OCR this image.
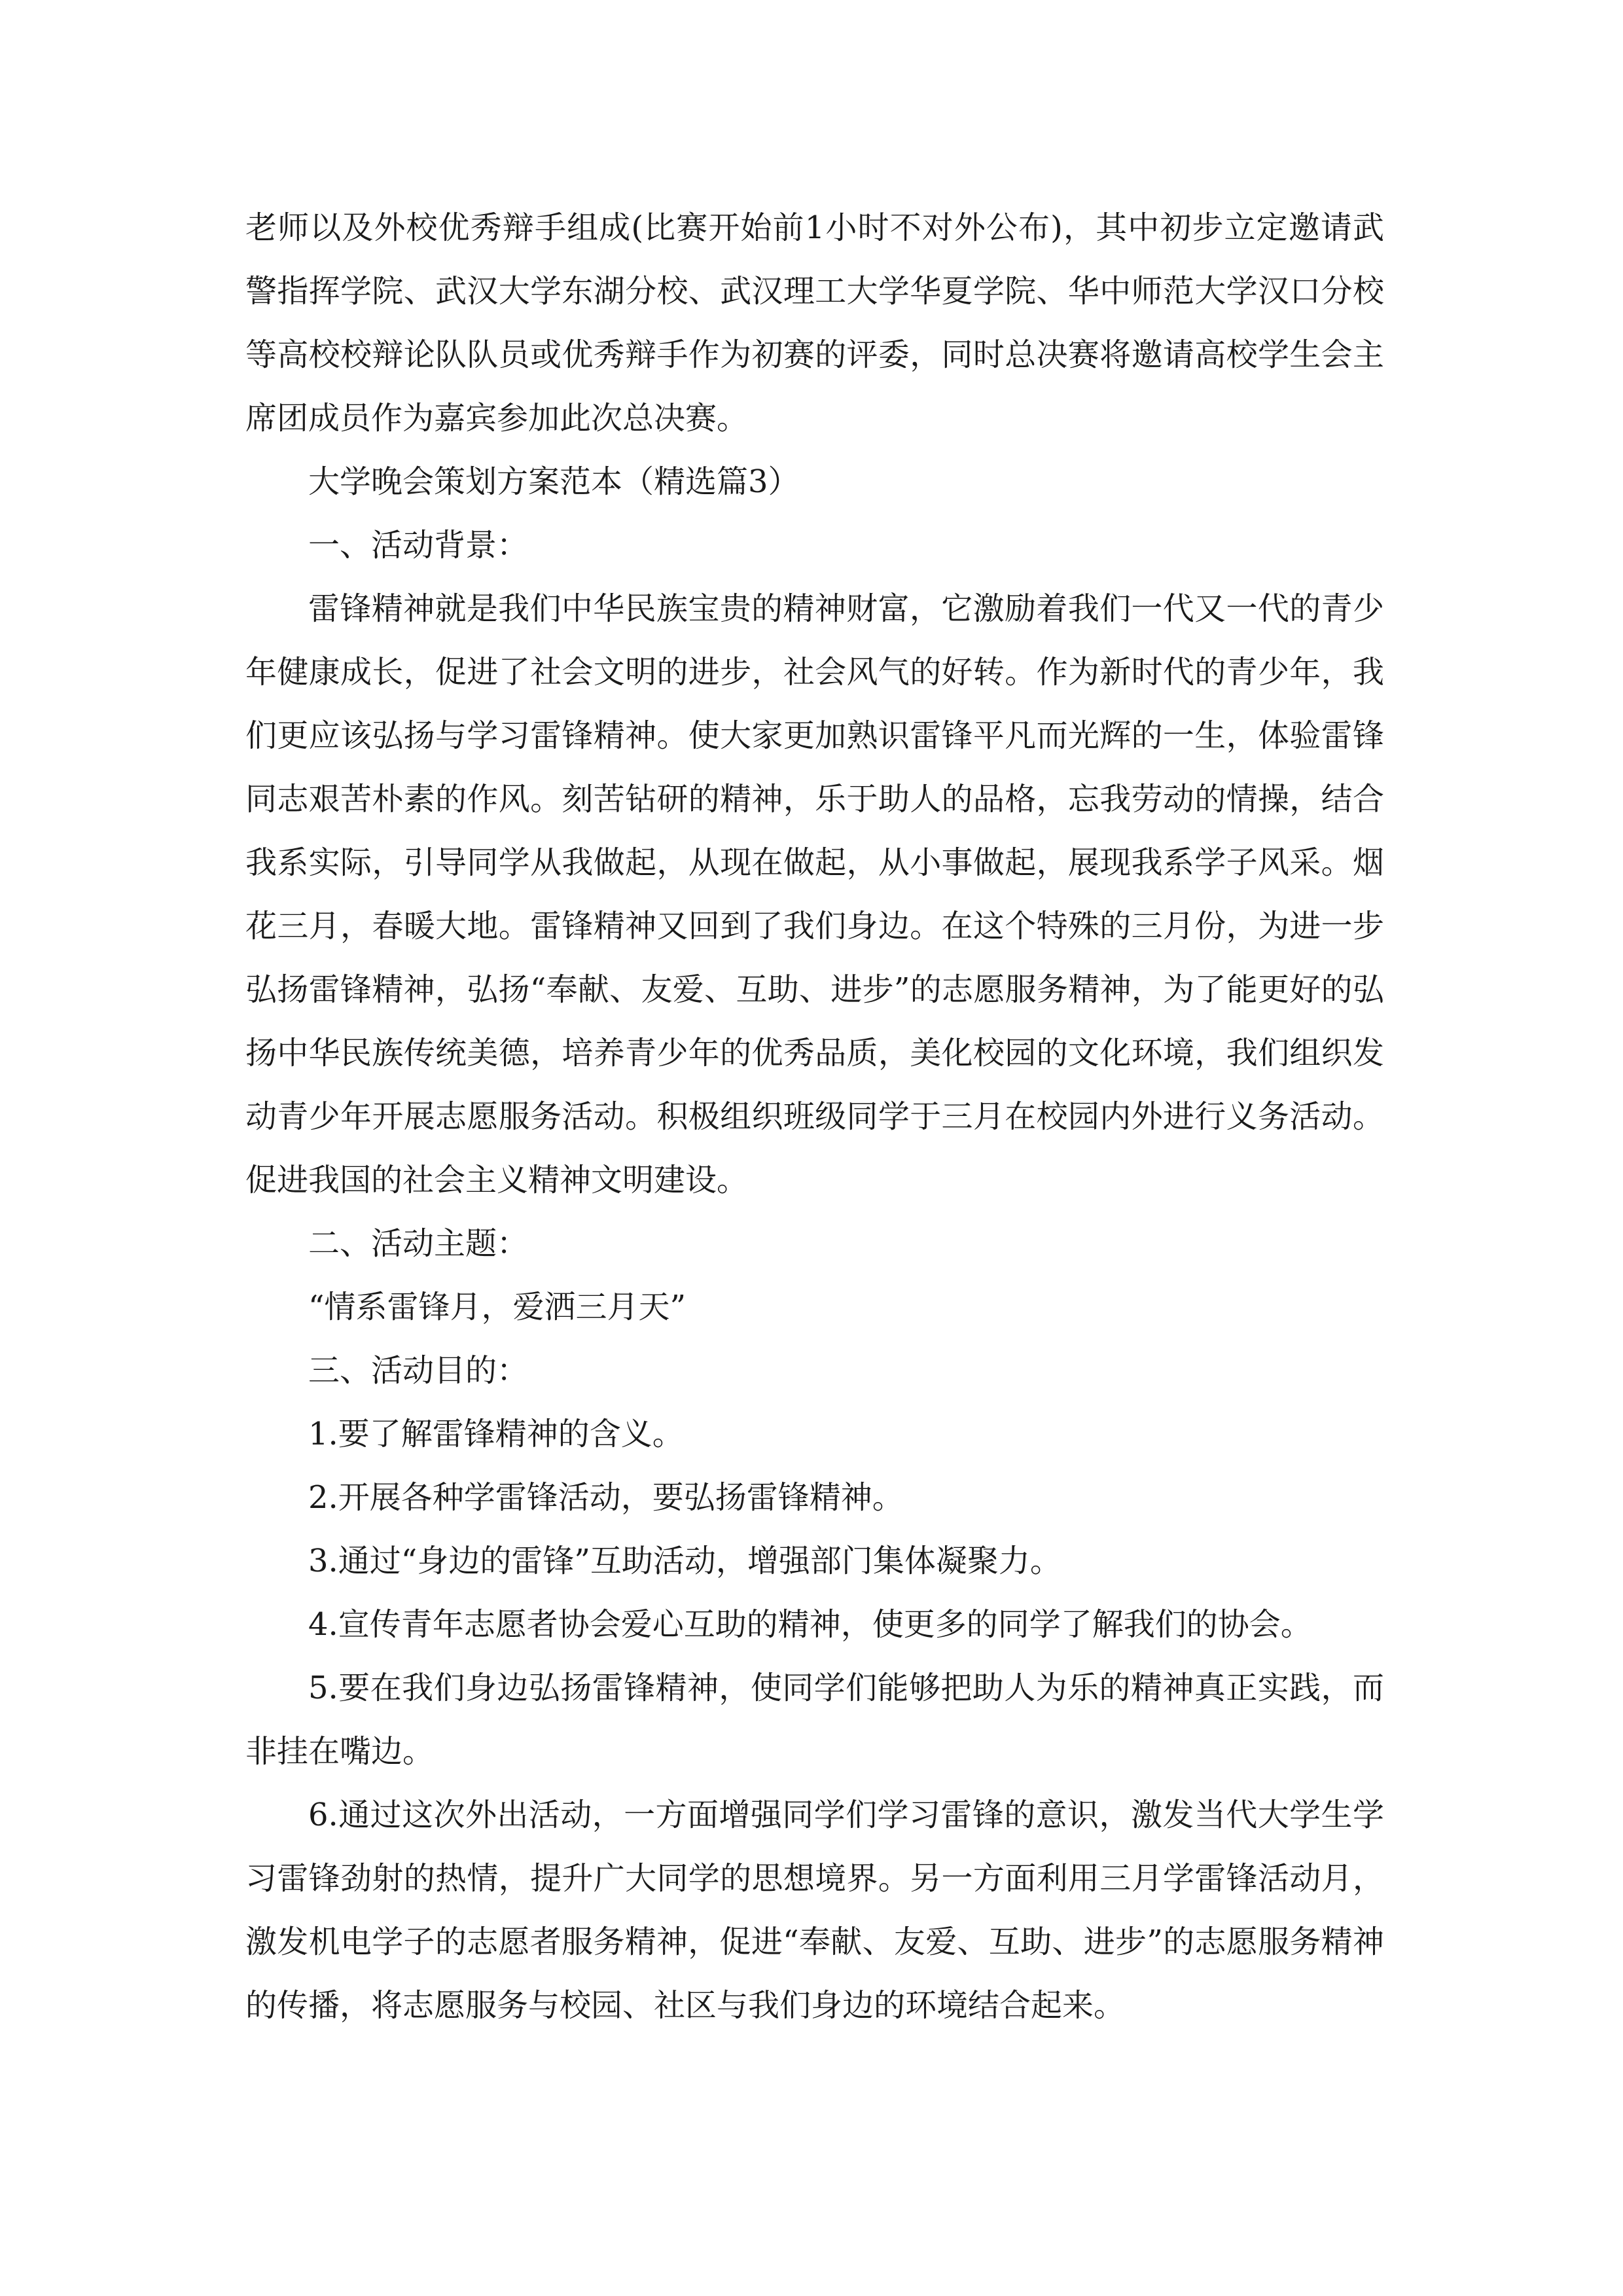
老师以及外校优秀辩手组成(比赛开始前1小时不对外公布)，其中初步立定邀请武警指挥学院、武汉大学东湖分校、武汉理工大学华夏学院、华中师范大学汉口分校等高校校辩论队队员或优秀辩手作为初赛的评委，同时总决赛将邀请高校学生会主席团成员作为嘉宾参加此次总决赛。

大学晚会策划方案范本（精选篇3）

一、活动背景：

雷锋精神就是我们中华民族宝贵的精神财富，它激励着我们一代又一代的青少年健康成长，促进了社会文明的进步，社会风气的好转。作为新时代的青少年，我们更应该弘扬与学习雷锋精神。使大家更加熟识雷锋平凡而光辉的一生，体验雷锋同志艰苦朴素的作风。刻苦钻研的精神，乐于助人的品格，忘我劳动的情操，结合我系实际，引导同学从我做起，从现在做起，从小事做起，展现我系学子风采。烟花三月，春暖大地。雷锋精神又回到了我们身边。在这个特殊的三月份，为进一步弘扬雷锋精神，弘扬“奉献、友爱、互助、进步”的志愿服务精神，为了能更好的弘扬中华民族传统美德，培养青少年的优秀品质，美化校园的文化环境，我们组织发动青少年开展志愿服务活动。积极组织班级同学于三月在校园内外进行义务活动。促进我国的社会主义精神文明建设。

二、活动主题：

“情系雷锋月，爱洒三月天”

三、活动目的：

1.要了解雷锋精神的含义。

2.开展各种学雷锋活动，要弘扬雷锋精神。

3.通过“身边的雷锋”互助活动，增强部门集体凝聚力。

4.宣传青年志愿者协会爱心互助的精神，使更多的同学了解我们的协会。

5.要在我们身边弘扬雷锋精神，使同学们能够把助人为乐的精神真正实践，而非挂在嘴边。

6.通过这次外出活动，一方面增强同学们学习雷锋的意识，激发当代大学生学习雷锋劲射的热情，提升广大同学的思想境界。另一方面利用三月学雷锋活动月，激发机电学子的志愿者服务精神，促进“奉献、友爱、互助、进步”的志愿服务精神的传播，将志愿服务与校园、社区与我们身边的环境结合起来。
